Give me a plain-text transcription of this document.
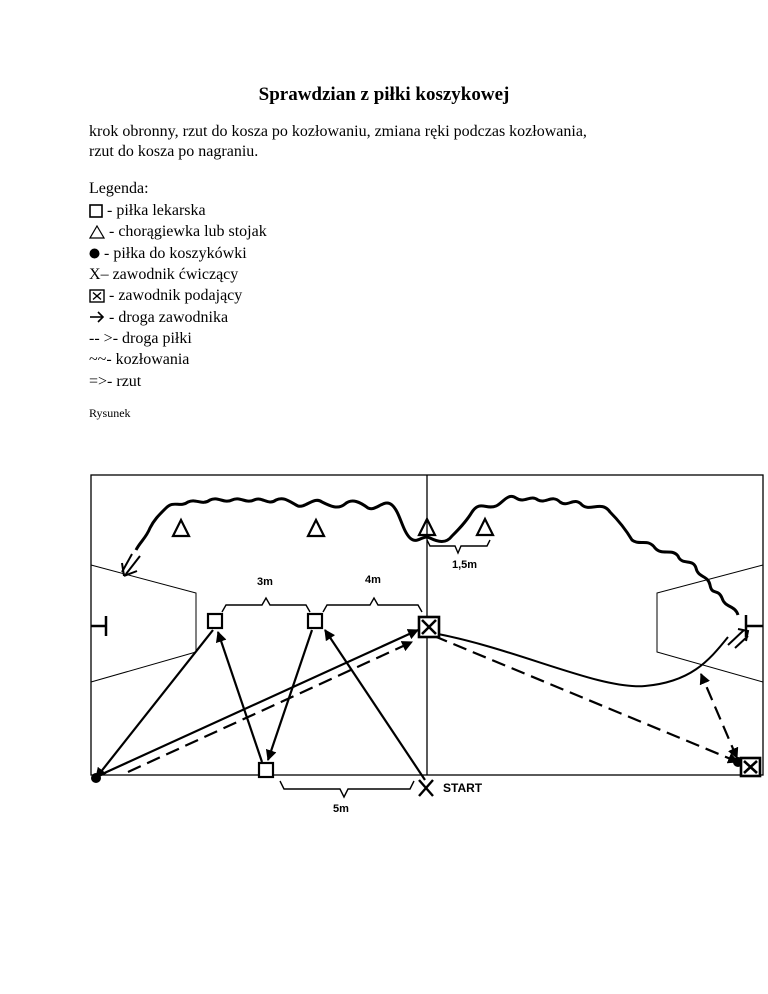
Sprawdzian z piłki koszykowej
krok obronny, rzut do kosza po kozłowaniu, zmiana ręki podczas kozłowania,
rzut do kosza po nagraniu.
Legenda:
- piłka lekarska
- chorągiewka lub stojak
- piłka do koszykówki
X – zawodnik ćwiczący
- zawodnik podający
- droga zawodnika
-- > - droga piłki
~~ - kozłowania
=> - rzut
Rysunek
1,5m
3m	4m
5m
START
